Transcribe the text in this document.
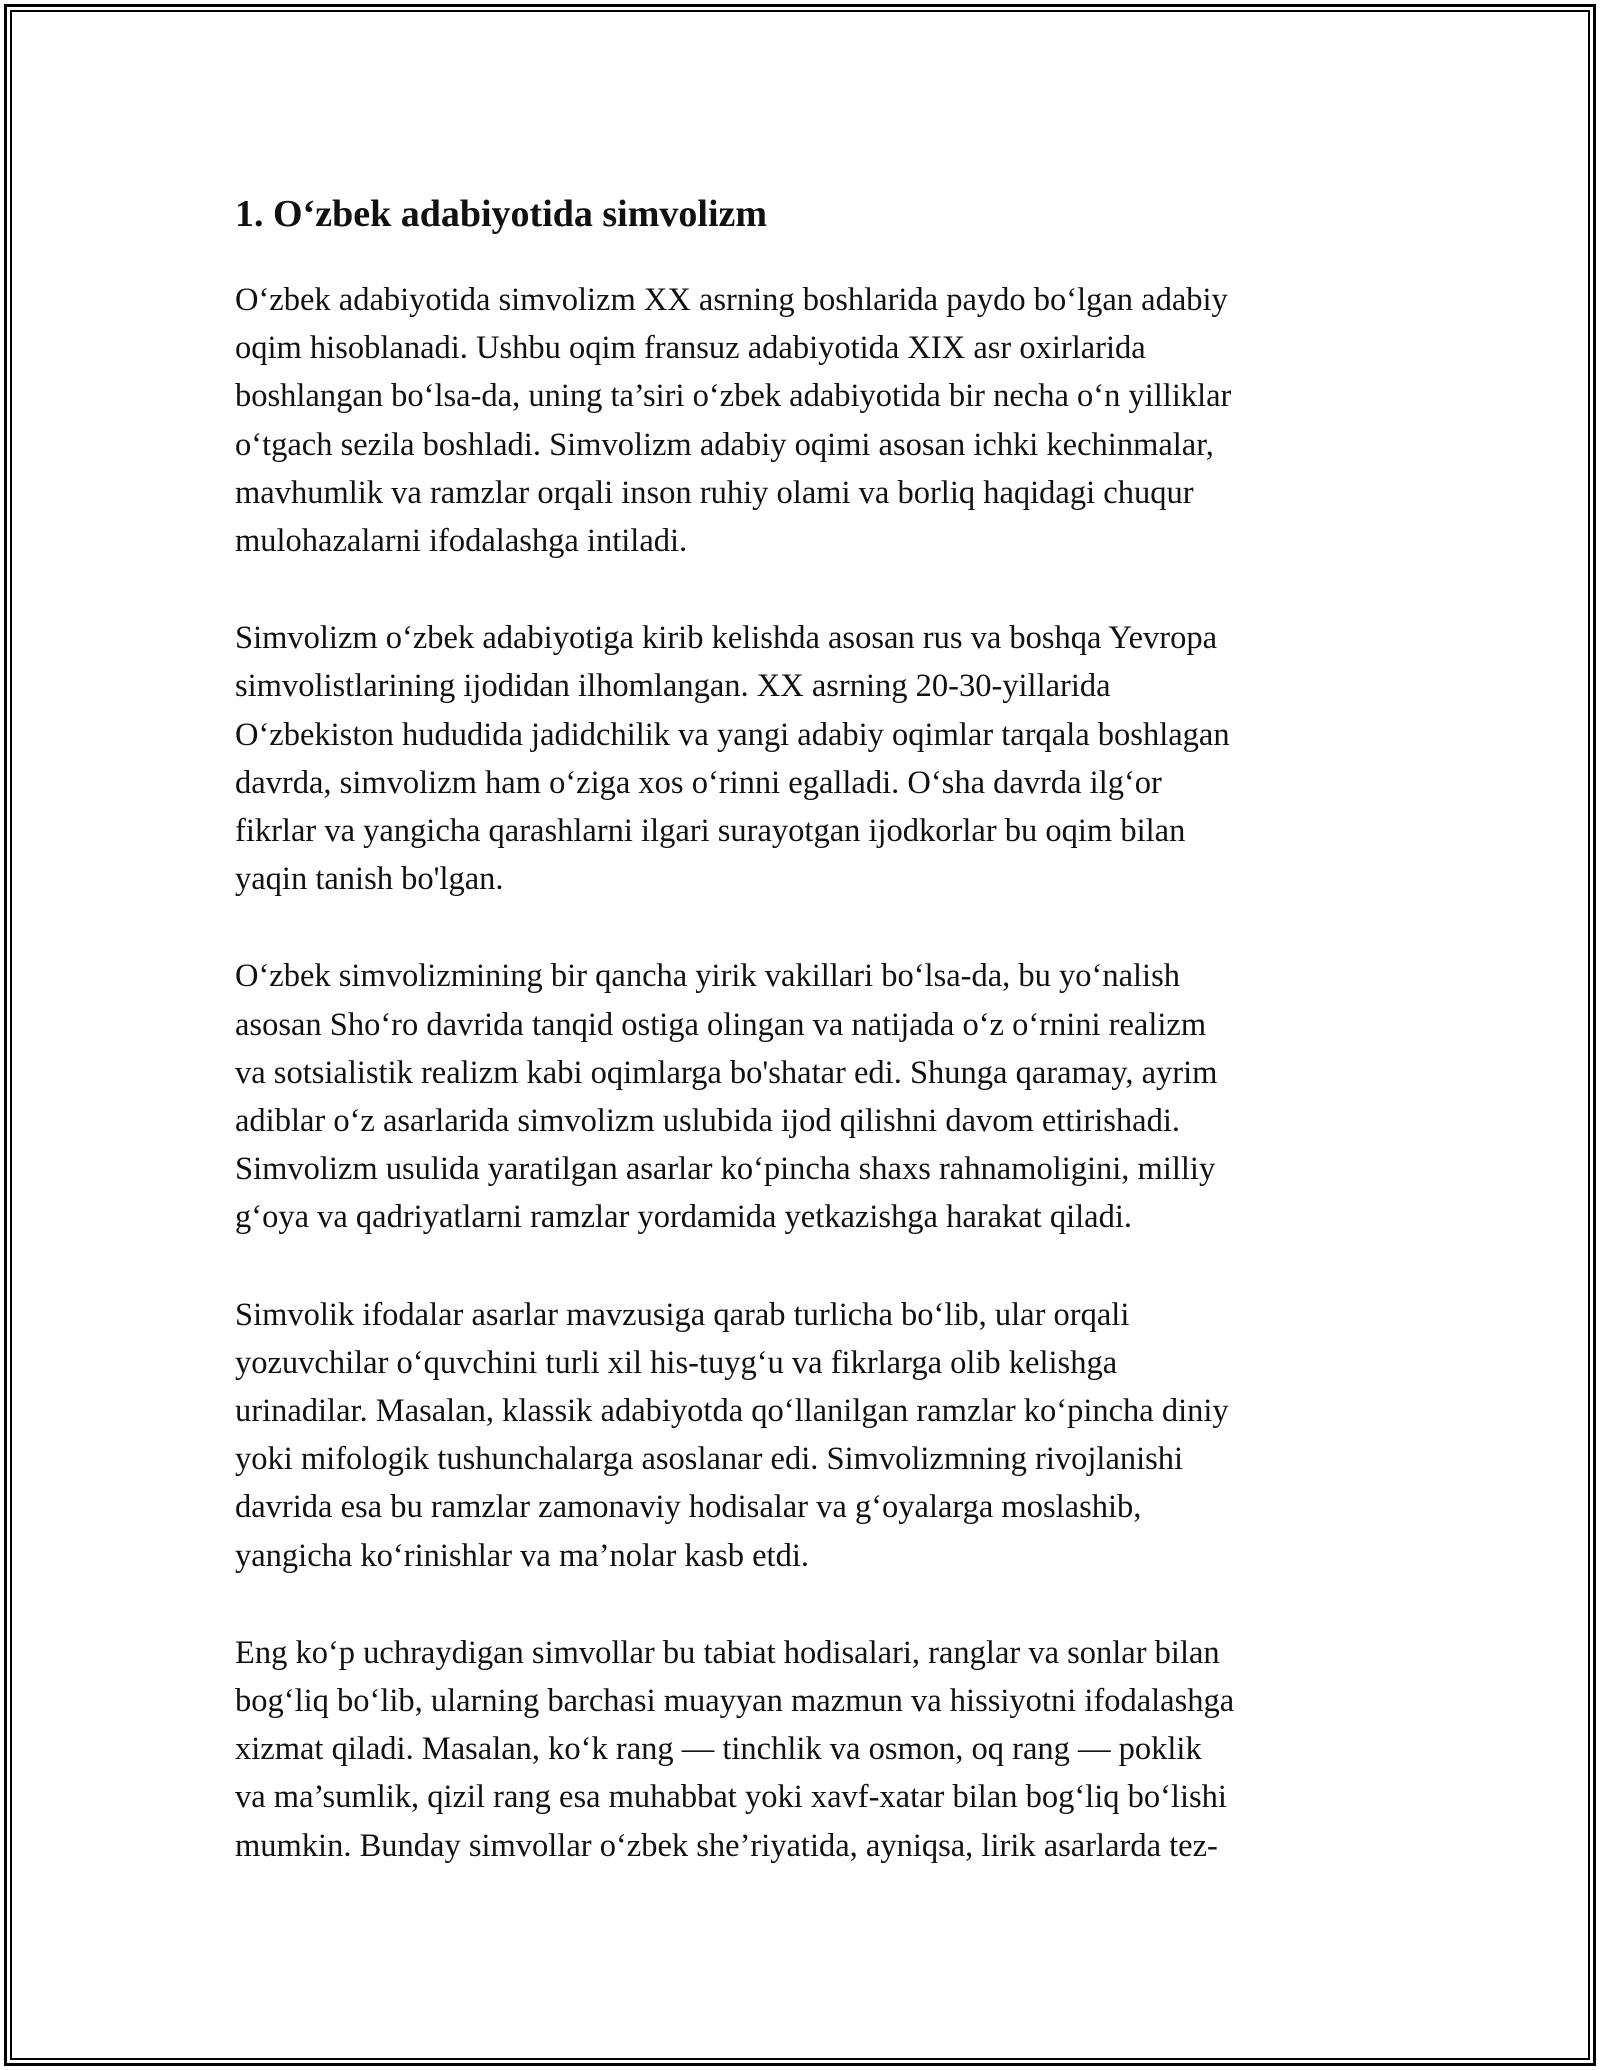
1. O‘zbek adabiyotida simvolizm

O‘zbek adabiyotida simvolizm XX asrning boshlarida paydo bo‘lgan adabiy
oqim hisoblanadi. Ushbu oqim fransuz adabiyotida XIX asr oxirlarida
boshlangan bo‘lsa-da, uning ta’siri o‘zbek adabiyotida bir necha o‘n yilliklar
o‘tgach sezila boshladi. Simvolizm adabiy oqimi asosan ichki kechinmalar,
mavhumlik va ramzlar orqali inson ruhiy olami va borliq haqidagi chuqur
mulohazalarni ifodalashga intiladi.

Simvolizm o‘zbek adabiyotiga kirib kelishda asosan rus va boshqa Yevropa
simvolistlarining ijodidan ilhomlangan. XX asrning 20-30-yillarida
O‘zbekiston hududida jadidchilik va yangi adabiy oqimlar tarqala boshlagan
davrda, simvolizm ham o‘ziga xos o‘rinni egalladi. O‘sha davrda ilg‘or
fikrlar va yangicha qarashlarni ilgari surayotgan ijodkorlar bu oqim bilan
yaqin tanish bo'lgan.

O‘zbek simvolizmining bir qancha yirik vakillari bo‘lsa-da, bu yo‘nalish
asosan Sho‘ro davrida tanqid ostiga olingan va natijada o‘z o‘rnini realizm
va sotsialistik realizm kabi oqimlarga bo'shatar edi. Shunga qaramay, ayrim
adiblar o‘z asarlarida simvolizm uslubida ijod qilishni davom ettirishadi.
Simvolizm usulida yaratilgan asarlar ko‘pincha shaxs rahnamoligini, milliy
g‘oya va qadriyatlarni ramzlar yordamida yetkazishga harakat qiladi.

Simvolik ifodalar asarlar mavzusiga qarab turlicha bo‘lib, ular orqali
yozuvchilar o‘quvchini turli xil his-tuyg‘u va fikrlarga olib kelishga
urinadilar. Masalan, klassik adabiyotda qo‘llanilgan ramzlar ko‘pincha diniy
yoki mifologik tushunchalarga asoslanar edi. Simvolizmning rivojlanishi
davrida esa bu ramzlar zamonaviy hodisalar va g‘oyalarga moslashib,
yangicha ko‘rinishlar va ma’nolar kasb etdi.

Eng ko‘p uchraydigan simvollar bu tabiat hodisalari, ranglar va sonlar bilan
bog‘liq bo‘lib, ularning barchasi muayyan mazmun va hissiyotni ifodalashga
xizmat qiladi. Masalan, ko‘k rang — tinchlik va osmon, oq rang — poklik
va ma’sumlik, qizil rang esa muhabbat yoki xavf-xatar bilan bog‘liq bo‘lishi
mumkin. Bunday simvollar o‘zbek she’riyatida, ayniqsa, lirik asarlarda tez-
